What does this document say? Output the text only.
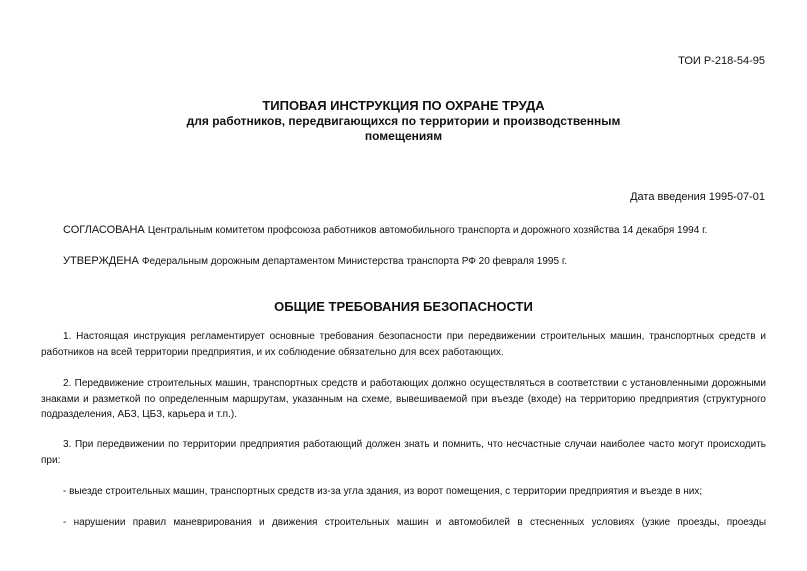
ТОИ Р-218-54-95
ТИПОВАЯ ИНСТРУКЦИЯ ПО ОХРАНЕ ТРУДА
для работников, передвигающихся по территории и производственным помещениям
Дата введения 1995-07-01
СОГЛАСОВАНА Центральным комитетом профсоюза работников автомобильного транспорта и дорожного хозяйства 14 декабря 1994 г.
УТВЕРЖДЕНА Федеральным дорожным департаментом Министерства транспорта РФ 20 февраля 1995 г.
ОБЩИЕ ТРЕБОВАНИЯ БЕЗОПАСНОСТИ

1. Настоящая инструкция регламентирует основные требования безопасности при передвижении строительных машин, транспортных средств и работников на всей территории предприятия, и их соблюдение обязательно для всех работающих.

2. Передвижение строительных машин, транспортных средств и работающих должно осуществляться в соответствии с установленными дорожными знаками и разметкой по определенным маршрутам, указанным на схеме, вывешиваемой при въезде (входе) на территорию предприятия (структурного подразделения, АБЗ, ЦБЗ, карьера и т.п.).

3. При передвижении по территории предприятия работающий должен знать и помнить, что несчастные случаи наиболее часто могут происходить при:

- выезде строительных машин, транспортных средств из-за угла здания, из ворот помещения, с территории предприятия и въезде в них;

- нарушении правил маневрирования и движения строительных машин и автомобилей в стесненных условиях (узкие проезды, проезды
